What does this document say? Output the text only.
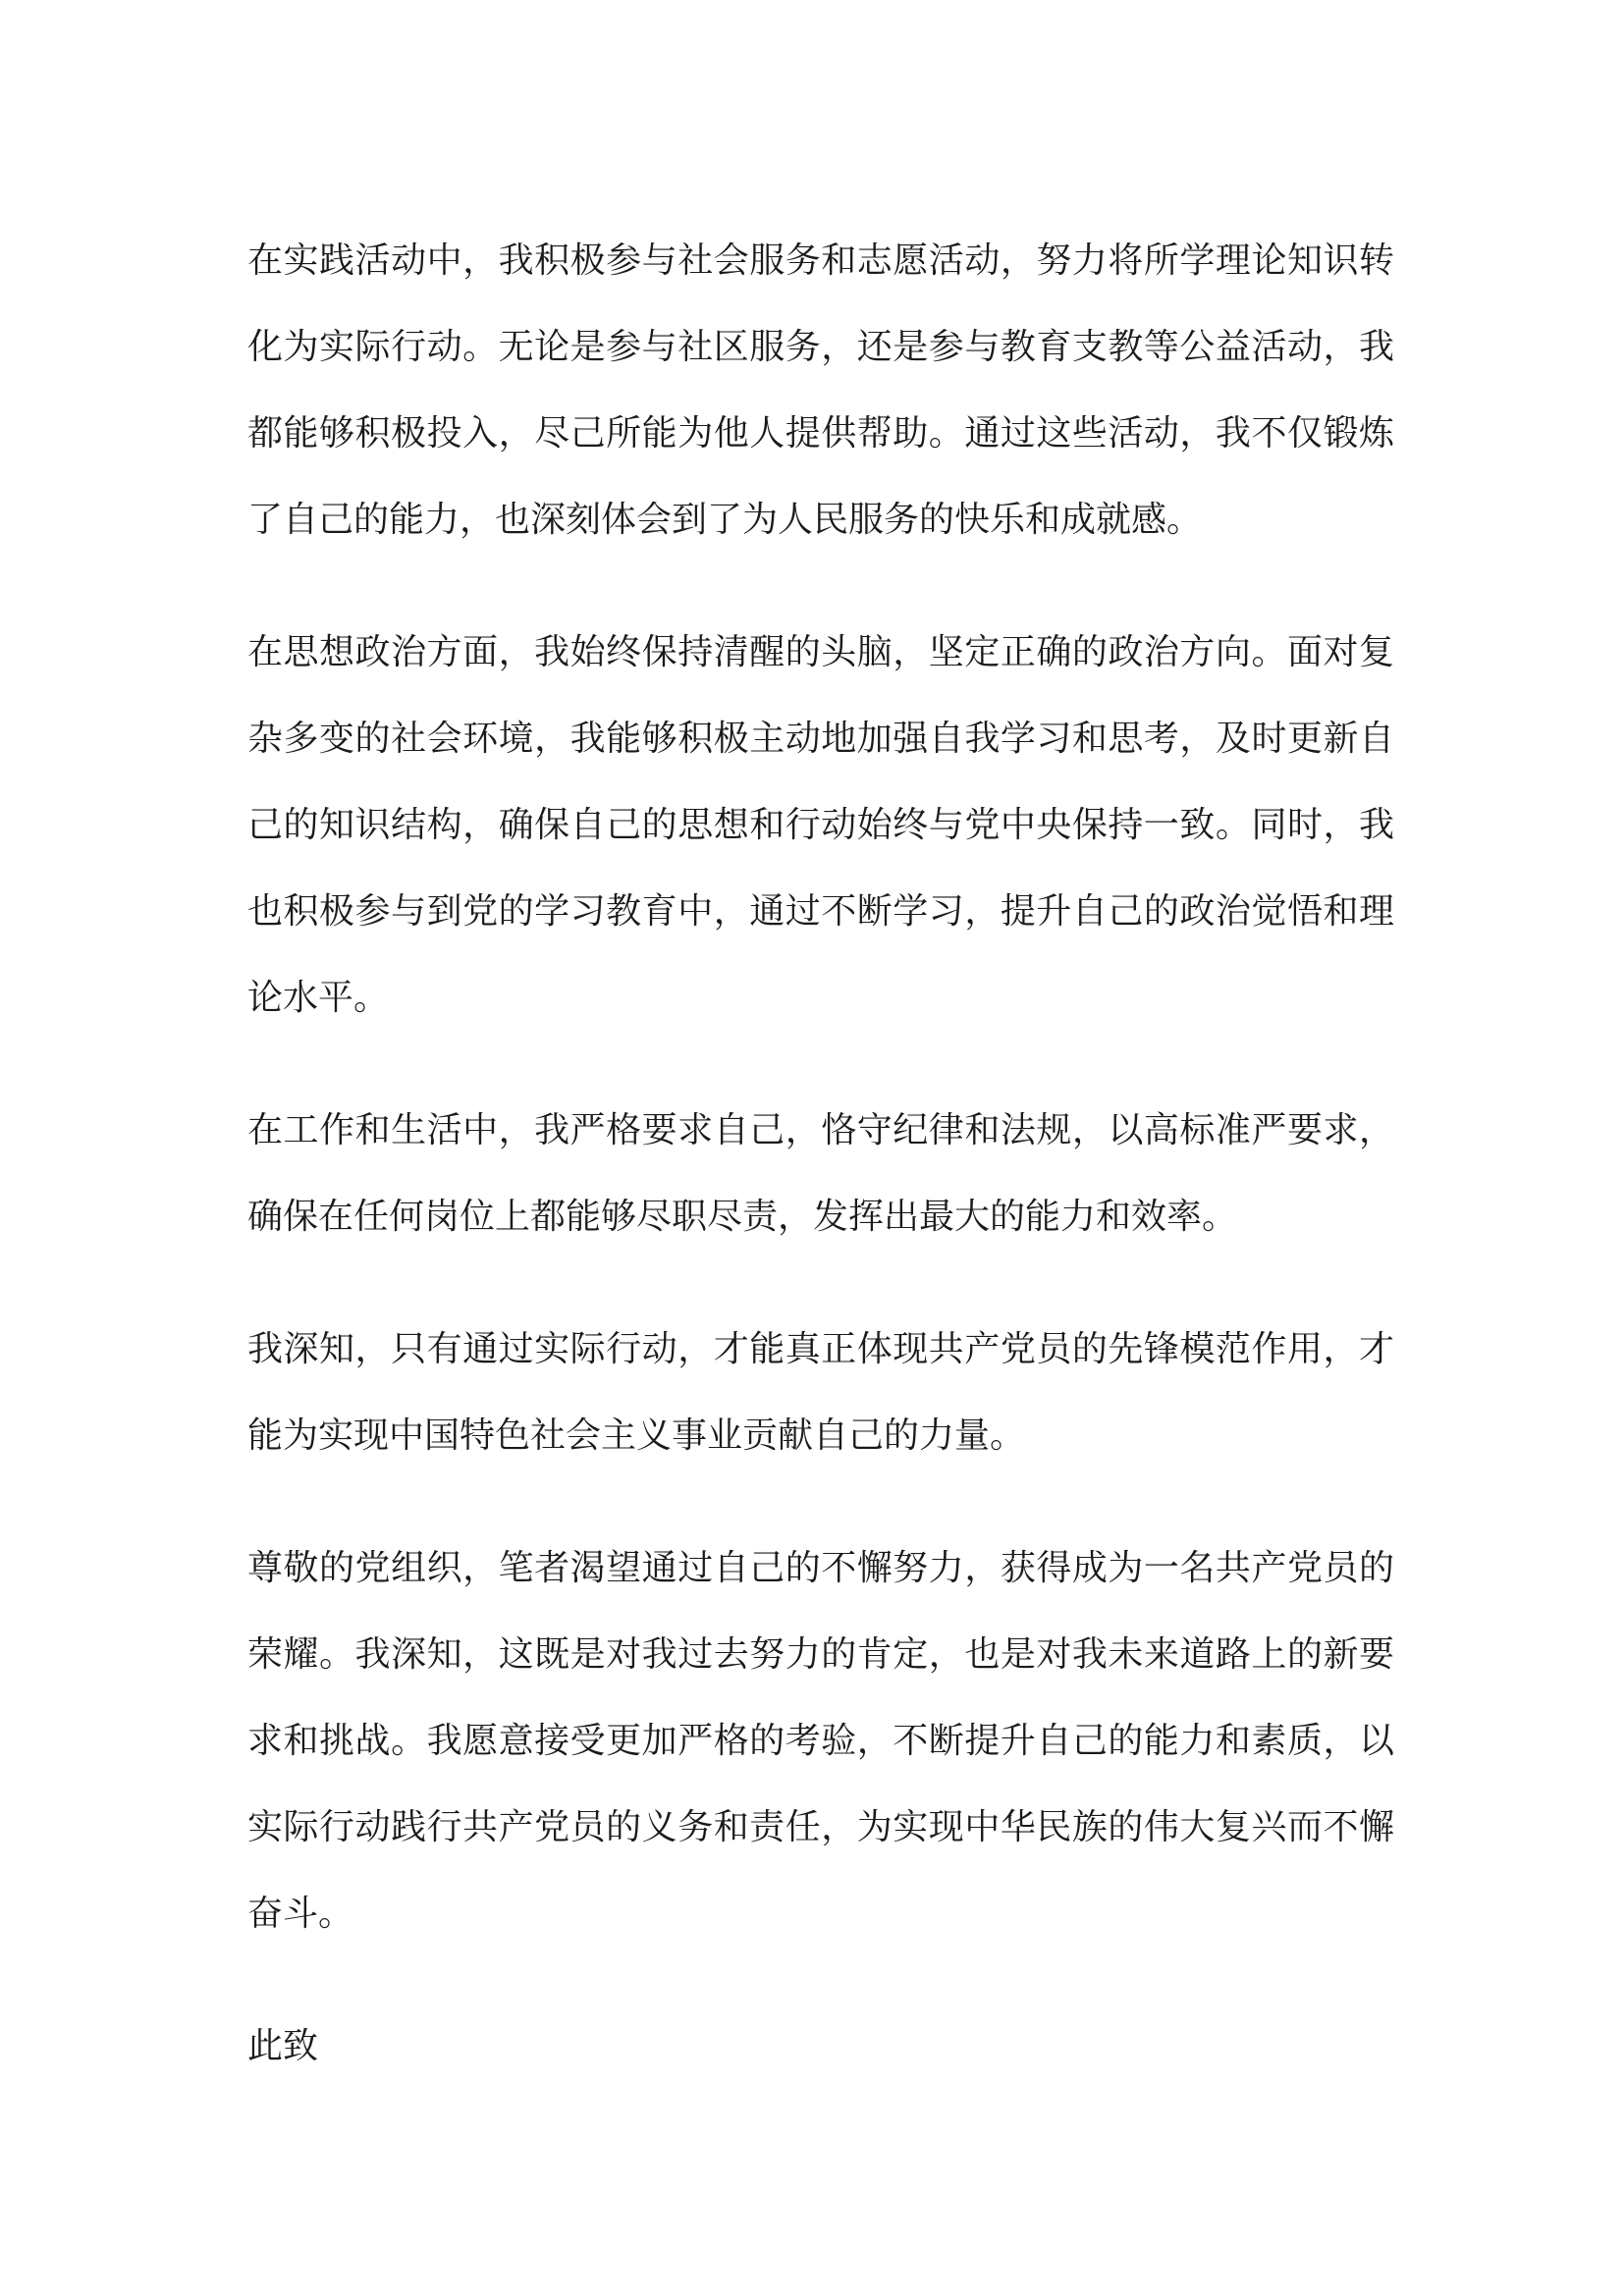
在实践活动中，我积极参与社会服务和志愿活动，努力将所学理论知识转化为实际行动。无论是参与社区服务，还是参与教育支教等公益活动，我都能够积极投入，尽己所能为他人提供帮助。通过这些活动，我不仅锻炼了自己的能力，也深刻体会到了为人民服务的快乐和成就感。

在思想政治方面，我始终保持清醒的头脑，坚定正确的政治方向。面对复杂多变的社会环境，我能够积极主动地加强自我学习和思考，及时更新自己的知识结构，确保自己的思想和行动始终与党中央保持一致。同时，我也积极参与到党的学习教育中，通过不断学习，提升自己的政治觉悟和理论水平。

在工作和生活中，我严格要求自己，恪守纪律和法规，以高标准严要求，确保在任何岗位上都能够尽职尽责，发挥出最大的能力和效率。

我深知，只有通过实际行动，才能真正体现共产党员的先锋模范作用，才能为实现中国特色社会主义事业贡献自己的力量。

尊敬的党组织，笔者渴望通过自己的不懈努力，获得成为一名共产党员的荣耀。我深知，这既是对我过去努力的肯定，也是对我未来道路上的新要求和挑战。我愿意接受更加严格的考验，不断提升自己的能力和素质，以实际行动践行共产党员的义务和责任，为实现中华民族的伟大复兴而不懈奋斗。

此致
